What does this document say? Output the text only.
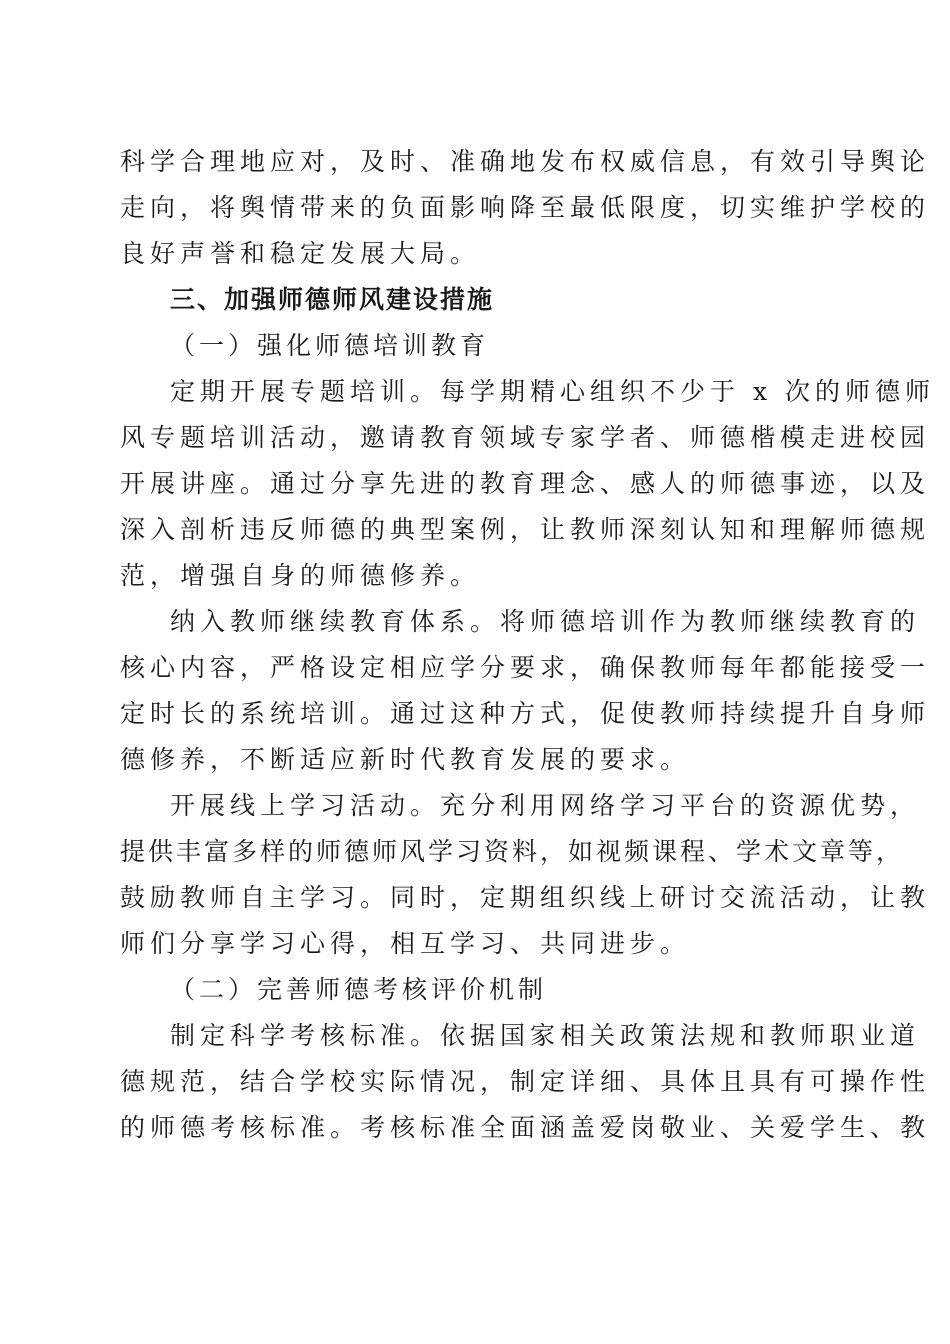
科学合理地应对，及时、准确地发布权威信息，有效引导舆论
走向，将舆情带来的负面影响降至最低限度，切实维护学校的
良好声誉和稳定发展大局。
三、加强师德师风建设措施
（一）强化师德培训教育
定期开展专题培训。每学期精心组织不少于 x 次的师德师
风专题培训活动，邀请教育领域专家学者、师德楷模走进校园
开展讲座。通过分享先进的教育理念、感人的师德事迹，以及
深入剖析违反师德的典型案例，让教师深刻认知和理解师德规
范，增强自身的师德修养。
纳入教师继续教育体系。将师德培训作为教师继续教育的
核心内容，严格设定相应学分要求，确保教师每年都能接受一
定时长的系统培训。通过这种方式，促使教师持续提升自身师
德修养，不断适应新时代教育发展的要求。
开展线上学习活动。充分利用网络学习平台的资源优势，
提供丰富多样的师德师风学习资料，如视频课程、学术文章等，
鼓励教师自主学习。同时，定期组织线上研讨交流活动，让教
师们分享学习心得，相互学习、共同进步。
（二）完善师德考核评价机制
制定科学考核标准。依据国家相关政策法规和教师职业道
德规范，结合学校实际情况，制定详细、具体且具有可操作性
的师德考核标准。考核标准全面涵盖爱岗敬业、关爱学生、教
